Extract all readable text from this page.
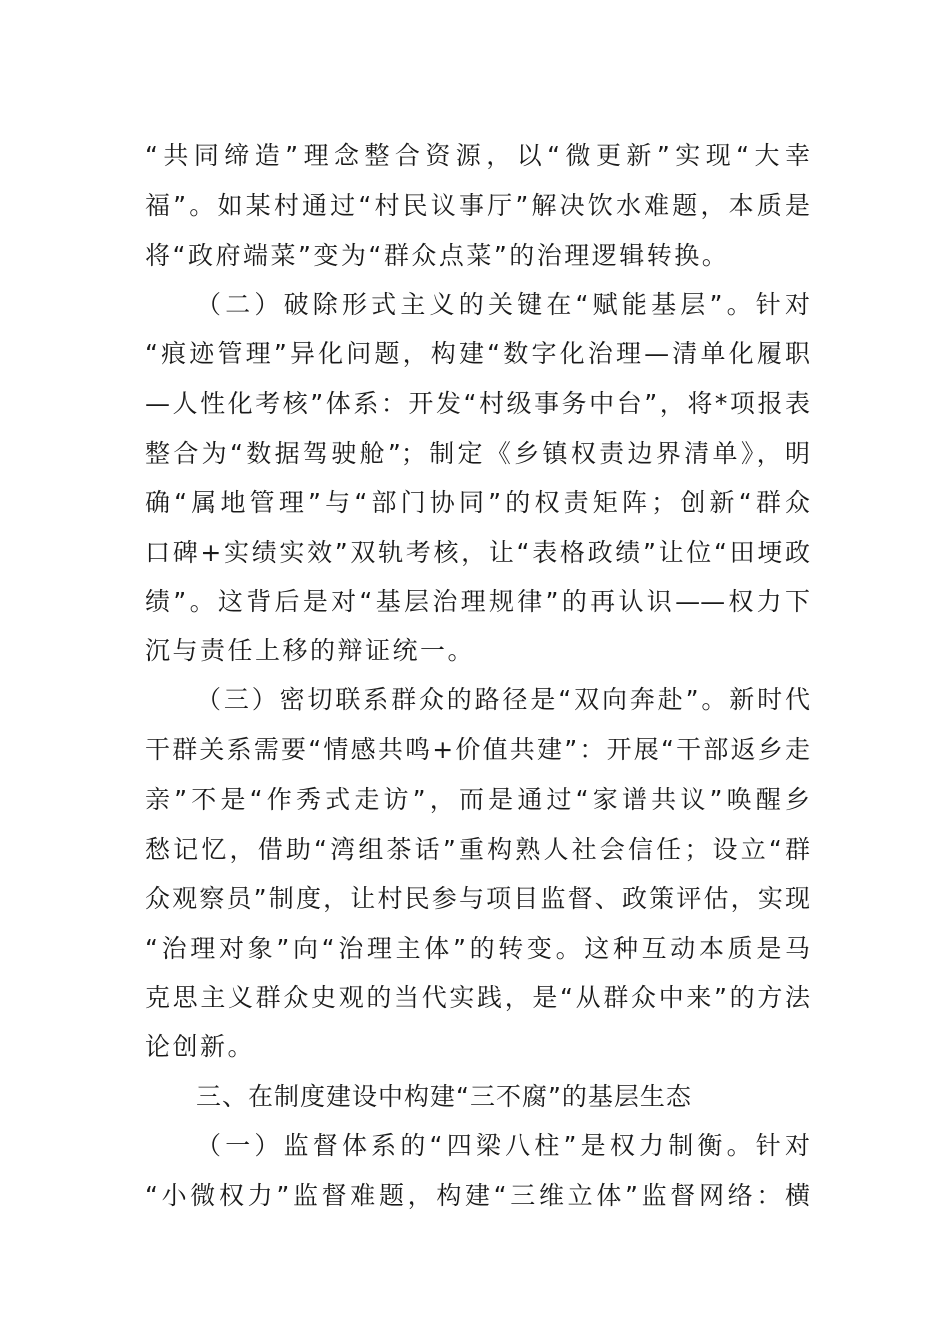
“共同缔造”理念整合资源，以“微更新”实现“大幸
福”。如某村通过“村民议事厅”解决饮水难题，本质是
将“政府端菜”变为“群众点菜”的治理逻辑转换。
（二）破除形式主义的关键在“赋能基层”。针对
“痕迹管理”异化问题，构建“数字化治理—清单化履职
—人性化考核”体系：开发“村级事务中台”，将*项报表
整合为“数据驾驶舱”；制定《乡镇权责边界清单》，明
确“属地管理”与“部门协同”的权责矩阵；创新“群众
口碑+实绩实效”双轨考核，让“表格政绩”让位“田埂政
绩”。这背后是对“基层治理规律”的再认识——权力下
沉与责任上移的辩证统一。
（三）密切联系群众的路径是“双向奔赴”。新时代
干群关系需要“情感共鸣+价值共建”：开展“干部返乡走
亲”不是“作秀式走访”，而是通过“家谱共议”唤醒乡
愁记忆，借助“湾组茶话”重构熟人社会信任；设立“群
众观察员”制度，让村民参与项目监督、政策评估，实现
“治理对象”向“治理主体”的转变。这种互动本质是马
克思主义群众史观的当代实践，是“从群众中来”的方法
论创新。
三、在制度建设中构建“三不腐”的基层生态
（一）监督体系的“四梁八柱”是权力制衡。针对
“小微权力”监督难题，构建“三维立体”监督网络：横
